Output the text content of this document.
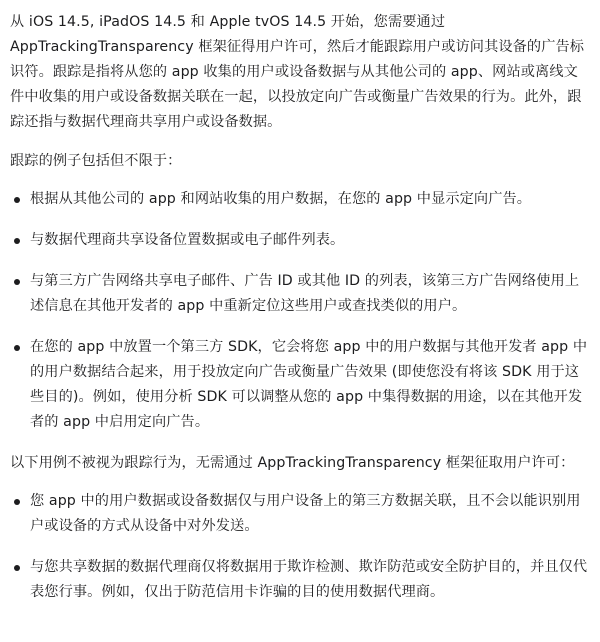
从 iOS 14.5, iPadOS 14.5 和 Apple tvOS 14.5 开始，您需要通过 AppTrackingTransparency 框架征得用户许可，然后才能跟踪用户或访问其设备的广告标识符。跟踪是指将从您的 app 收集的用户或设备数据与从其他公司的 app、网站或离线文件中收集的用户或设备数据关联在一起，以投放定向广告或衡量广告效果的行为。此外，跟踪还指与数据代理商共享用户或设备数据。

跟踪的例子包括但不限于：

根据从其他公司的 app 和网站收集的用户数据，在您的 app 中显示定向广告。
与数据代理商共享设备位置数据或电子邮件列表。
与第三方广告网络共享电子邮件、广告 ID 或其他 ID 的列表，该第三方广告网络使用上述信息在其他开发者的 app 中重新定位这些用户或查找类似的用户。
在您的 app 中放置一个第三方 SDK，它会将您 app 中的用户数据与其他开发者 app 中的用户数据结合起来，用于投放定向广告或衡量广告效果 (即使您没有将该 SDK 用于这些目的)。例如，使用分析 SDK 可以调整从您的 app 中集得数据的用途，以在其他开发者的 app 中启用定向广告。

以下用例不被视为跟踪行为，无需通过 AppTrackingTransparency 框架征取用户许可：

您 app 中的用户数据或设备数据仅与用户设备上的第三方数据关联，且不会以能识别用户或设备的方式从设备中对外发送。
与您共享数据的数据代理商仅将数据用于欺诈检测、欺诈防范或安全防护目的，并且仅代表您行事。例如，仅出于防范信用卡诈骗的目的使用数据代理商。
